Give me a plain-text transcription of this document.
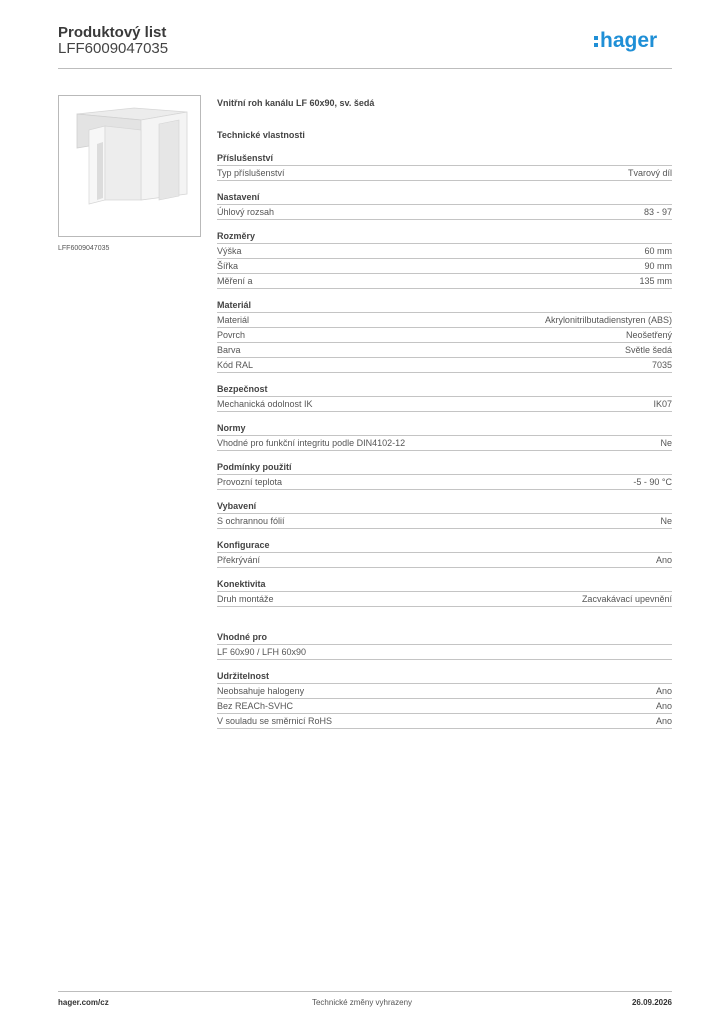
Produktový list
LFF6009047035	hager
LFF6009047035
Vnitřní roh kanálu LF 60x90, sv. šedá
Technické vlastnosti
Příslušenství
Typ příslušenství	Tvarový díl
Nastavení
Úhlový rozsah	83 - 97
Rozměry
Výška	60 mm
Šířka	90 mm
Měření a	135 mm
Materiál
Materiál	Akrylonitrilbutadienstyren (ABS)
Povrch	Neošetřený
Barva	Světle šedá
Kód RAL	7035
Bezpečnost
Mechanická odolnost IK	IK07
Normy
Vhodné pro funkční integritu podle DIN4102-12	Ne
Podmínky použití
Provozní teplota	-5 - 90 °C
Vybavení
S ochrannou fólií	Ne
Konfigurace
Překrývání	Ano
Konektivita
Druh montáže	Zacvakávací upevnění
Vhodné pro
LF 60x90 / LFH 60x90
Udržitelnost
Neobsahuje halogeny	Ano
Bez REACh-SVHC	Ano
V souladu se směrnicí RoHS	Ano
hager.com/cz	Technické změny vyhrazeny	26.09.2026
